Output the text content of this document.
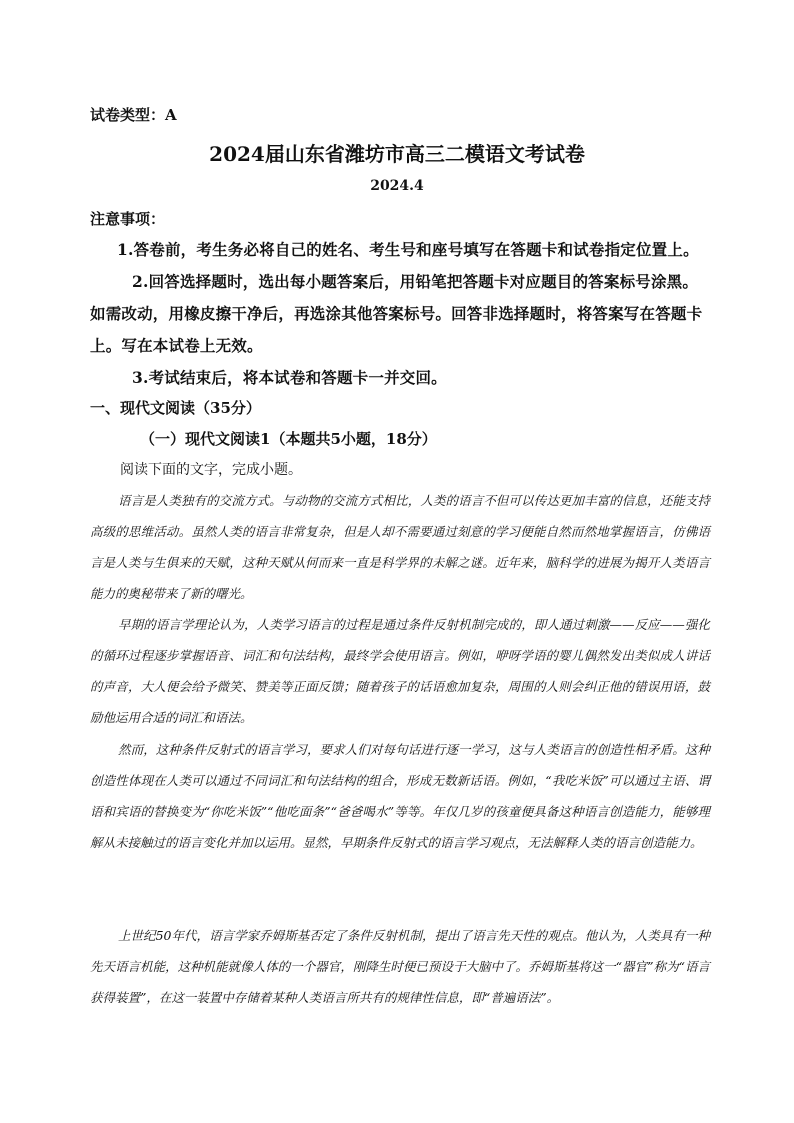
试卷类型：A
2024届山东省潍坊市高三二模语文考试卷
2024.4
注意事项：
1.答卷前，考生务必将自己的姓名、考生号和座号填写在答题卡和试卷指定位置上。
2.回答选择题时，选出每小题答案后，用铅笔把答题卡对应题目的答案标号涂黑。
如需改动，用橡皮擦干净后，再选涂其他答案标号。回答非选择题时，将答案写在答题卡
上。写在本试卷上无效。
3.考试结束后，将本试卷和答题卡一并交回。
一、现代文阅读（35分）
（一）现代文阅读1（本题共5小题，18分）
阅读下面的文字，完成小题。
语言是人类独有的交流方式。与动物的交流方式相比，人类的语言不但可以传达更加丰富的信息，还能支持高级的思维活动。虽然人类的语言非常复杂，但是人却不需要通过刻意的学习便能自然而然地掌握语言，仿佛语言是人类与生俱来的天赋，这种天赋从何而来一直是科学界的未解之谜。近年来，脑科学的进展为揭开人类语言能力的奥秘带来了新的曙光。
早期的语言学理论认为，人类学习语言的过程是通过条件反射机制完成的，即人通过刺激——反应——强化的循环过程逐步掌握语音、词汇和句法结构，最终学会使用语言。例如，咿呀学语的婴儿偶然发出类似成人讲话的声音，大人便会给予微笑、赞美等正面反馈；随着孩子的话语愈加复杂，周围的人则会纠正他的错误用语，鼓励他运用合适的词汇和语法。
然而，这种条件反射式的语言学习，要求人们对每句话进行逐一学习，这与人类语言的创造性相矛盾。这种创造性体现在人类可以通过不同词汇和句法结构的组合，形成无数新话语。例如，“我吃米饭”可以通过主语、谓语和宾语的替换变为“你吃米饭”“他吃面条”“爸爸喝水”等等。年仅几岁的孩童便具备这种语言创造能力，能够理解从未接触过的语言变化并加以运用。显然，早期条件反射式的语言学习观点，无法解释人类的语言创造能力。
上世纪50年代，语言学家乔姆斯基否定了条件反射机制，提出了语言先天性的观点。他认为，人类具有一种先天语言机能，这种机能就像人体的一个器官，刚降生时便已预设于大脑中了。乔姆斯基将这一“器官”称为“语言获得装置”，在这一装置中存储着某种人类语言所共有的规律性信息，即“普遍语法”。
